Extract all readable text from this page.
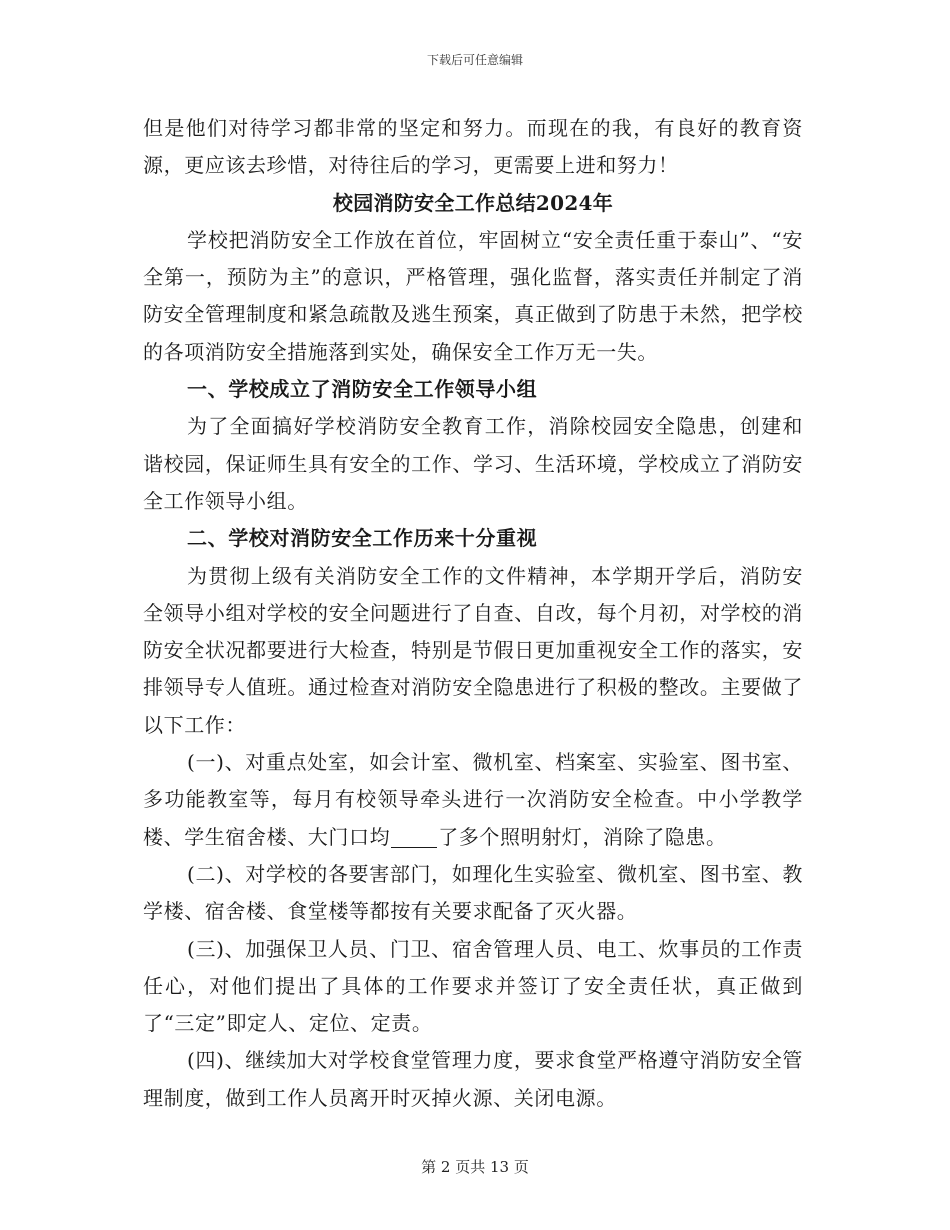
下载后可任意编辑

但是他们对待学习都非常的坚定和努力。而现在的我，有良好的教育资源，更应该去珍惜，对待往后的学习，更需要上进和努力！

校园消防安全工作总结2024年

学校把消防安全工作放在首位，牢固树立“安全责任重于泰山”、“安全第一，预防为主”的意识，严格管理，强化监督，落实责任并制定了消防安全管理制度和紧急疏散及逃生预案，真正做到了防患于未然，把学校的各项消防安全措施落到实处，确保安全工作万无一失。

一、学校成立了消防安全工作领导小组

为了全面搞好学校消防安全教育工作，消除校园安全隐患，创建和谐校园，保证师生具有安全的工作、学习、生活环境，学校成立了消防安全工作领导小组。

二、学校对消防安全工作历来十分重视

为贯彻上级有关消防安全工作的文件精神，本学期开学后，消防安全领导小组对学校的安全问题进行了自查、自改，每个月初，对学校的消防安全状况都要进行大检查，特别是节假日更加重视安全工作的落实，安排领导专人值班。通过检查对消防安全隐患进行了积极的整改。主要做了以下工作：

(一)、对重点处室，如会计室、微机室、档案室、实验室、图书室、多功能教室等，每月有校领导牵头进行一次消防安全检查。中小学教学楼、学生宿舍楼、大门口均 了多个照明射灯，消除了隐患。

(二)、对学校的各要害部门，如理化生实验室、微机室、图书室、教学楼、宿舍楼、食堂楼等都按有关要求配备了灭火器。

(三)、加强保卫人员、门卫、宿舍管理人员、电工、炊事员的工作责任心，对他们提出了具体的工作要求并签订了安全责任状，真正做到了“三定”即定人、定位、定责。

(四)、继续加大对学校食堂管理力度，要求食堂严格遵守消防安全管理制度，做到工作人员离开时灭掉火源、关闭电源。

第 2 页共 13 页
